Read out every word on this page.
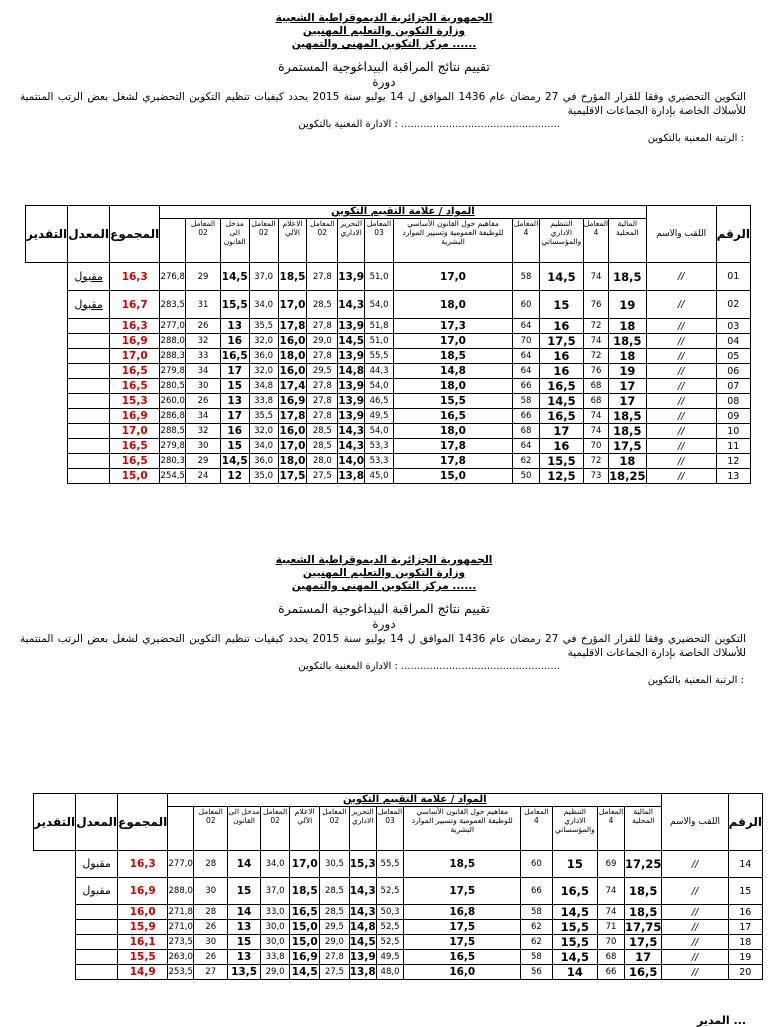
الجمهورية الجزائرية الديموقراطية الشعبية
وزارة التكوين والتعليم المهنيين
...... مركز التكوين المهني والتمهين
تقييم نتائج المراقبة البيداغوجية المستمرة
دورة
التكوين التحضيري وفقا للقرار المؤرخ في 27 رمضان عام 1436 الموافق ل 14 يوليو سنة 2015 يحدد كيفيات تنظيم التكوين التحضيري لشغل بعض الرتب المنتمية للأسلاك الخاصة بإدارة الجماعات الاقليمية
.................................................. : الادارة المعنية بالتكوين
: الرتبة المعنية بالتكوين
الرقم	اللقب والاسم	المواد / علامة التقييم التكوين													المجموع	المعدل	التقدير
		المالية المحلية	المعامل 4	التنظيم الاداري والمؤسساتي	المعامل 4	مفاهيم حول القانون الأساسي للوظيفة العمومية وتسيير الموارد البشرية	المعامل 03	التحرير الاداري	المعامل 02	الاعلام الآلي	المعامل 02	مدخل الى القانون	المعامل 02				
01	//	18,5	74	14,5	58	17,0	51,0	13,9	27,8	18,5	37,0	14,5	29	276,8	16,3	مقبول	
02	//	19	76	15	60	18,0	54,0	14,3	28,5	17,0	34,0	15,5	31	283,5	16,7	مقبول	
03	//	18	72	16	64	17,3	51,8	13,9	27,8	17,8	35,5	13	26	277,0	16,3		
04	//	18,5	74	17,5	70	17,0	51,0	14,5	29,0	16,0	32,0	16	32	288,0	16,9		
05	//	18	72	16	64	18,5	55,5	13,9	27,8	18,0	36,0	16,5	33	288,3	17,0		
06	//	19	76	16	64	14,8	44,3	14,8	29,5	16,0	32,0	17	34	279,8	16,5		
07	//	17	68	16,5	66	18,0	54,0	13,9	27,8	17,4	34,8	15	30	280,5	16,5		
08	//	17	68	14,5	58	15,5	46,5	13,9	27,8	16,9	33,8	13	26	260,0	15,3		
09	//	18,5	74	16,5	66	16,5	49,5	13,9	27,8	17,8	35,5	17	34	286,8	16,9		
10	//	18,5	74	17	68	18,0	54,0	14,3	28,5	16,0	32,0	16	32	288,5	17,0		
11	//	17,5	70	16	64	17,8	53,3	14,3	28,5	17,0	34,0	15	30	279,8	16,5		
12	//	18	72	15,5	62	17,8	53,3	14,0	28,0	18,0	36,0	14,5	29	280,3	16,5		
13	//	18,25	73	12,5	50	15,0	45,0	13,8	27,5	17,5	35,0	12	24	254,5	15,0		
الجمهورية الجزائرية الديموقراطية الشعبية
وزارة التكوين والتعليم المهنيين
...... مركز التكوين المهني والتمهين
تقييم نتائج المراقبة البيداغوجية المستمرة
دورة
التكوين التحضيري وفقا للقرار المؤرخ في 27 رمضان عام 1436 الموافق ل 14 يوليو سنة 2015 يحدد كيفيات تنظيم التكوين التحضيري لشغل بعض الرتب المنتمية للأسلاك الخاصة بإدارة الجماعات الاقليمية
.................................................. : الادارة المعنية بالتكوين
: الرتبة المعنية بالتكوين
الرقم	اللقب والاسم	المواد / علامة التقييم التكوين													المجموع	المعدل	التقدير
		المالية المحلية	المعامل 4	التنظيم الاداري والمؤسساتي	المعامل 4	مفاهيم حول القانون الأساسي للوظيفة العمومية وتسيير الموارد البشرية	المعامل 03	التحرير الاداري	المعامل 02	الاعلام الآلي	المعامل 02	مدخل الى القانون	المعامل 02				
14	//	17,25	69	15	60	18,5	55,5	15,3	30,5	17,0	34,0	14	28	277,0	16,3	مقبول	
15	//	18,5	74	16,5	66	17,5	52,5	14,3	28,5	18,5	37,0	15	30	288,0	16,9	مقبول	
16	//	18,5	74	14,5	58	16,8	50,3	14,3	28,5	16,5	33,0	14	28	271,8	16,0		
17	//	17,75	71	15,5	62	17,5	52,5	14,8	29,5	15,0	30,0	13	26	271,0	15,9		
18	//	17,5	70	15,5	62	17,5	52,5	14,5	29,0	15,0	30,0	15	30	273,5	16,1		
19	//	17	68	14,5	58	16,5	49,5	13,9	27,8	16,9	33,8	13	26	263,0	15,5		
20	//	16,5	66	14	56	16,0	48,0	13,8	27,5	14,5	29,0	13,5	27	253,5	14,9		
... المدير
